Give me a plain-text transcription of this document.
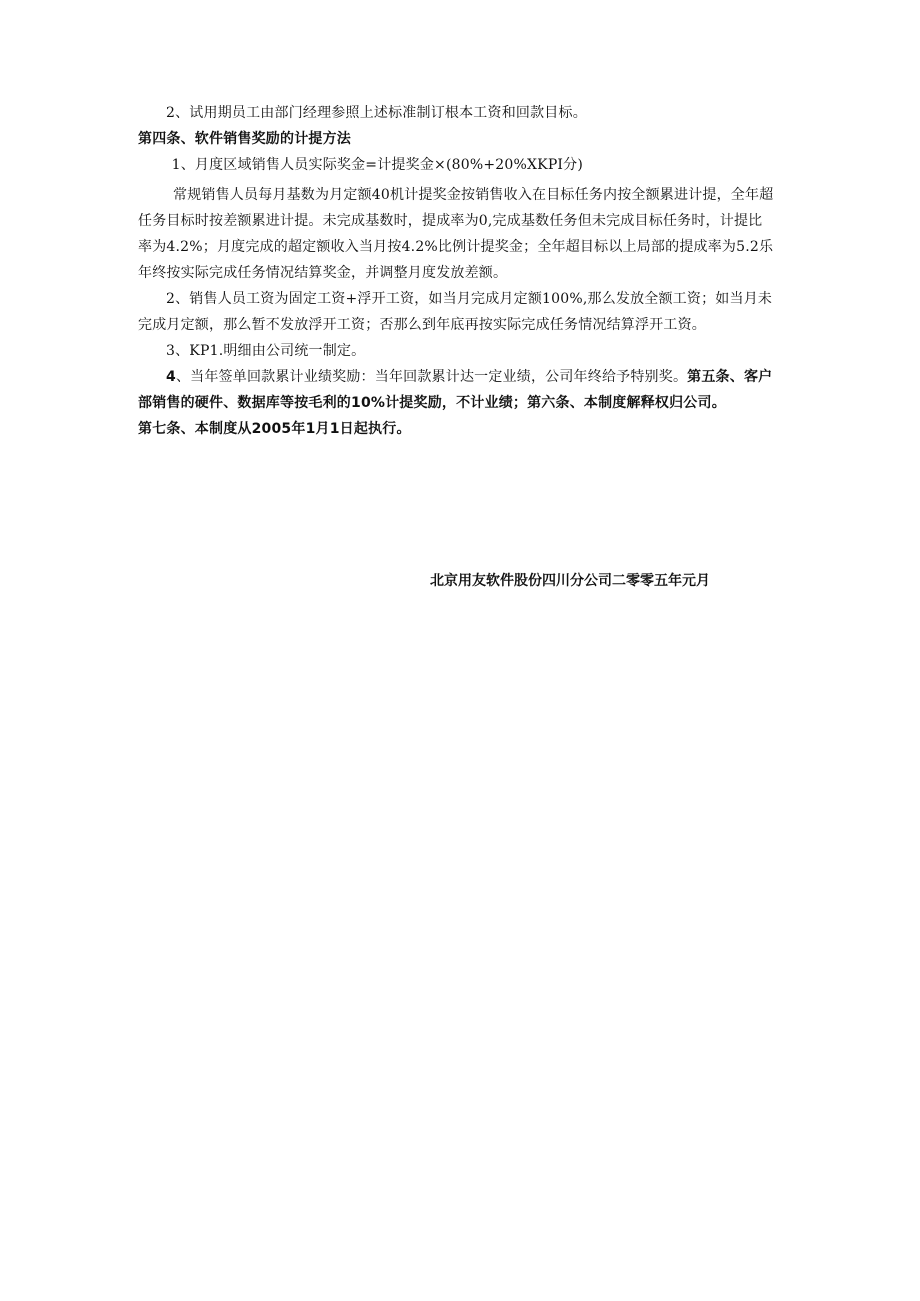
2、试用期员工由部门经理参照上述标准制订根本工资和回款目标。

第四条、软件销售奖励的计提方法

1、月度区域销售人员实际奖金=计提奖金×(80%+20%XKPI分)

常规销售人员每月基数为月定额40机计提奖金按销售收入在目标任务内按全额累进计提，全年超任务目标时按差额累进计提。未完成基数时，提成率为0,完成基数任务但未完成目标任务时，计提比率为4.2%；月度完成的超定额收入当月按4.2%比例计提奖金；全年超目标以上局部的提成率为5.2乐年终按实际完成任务情况结算奖金，并调整月度发放差额。

2、销售人员工资为固定工资+浮开工资，如当月完成月定额100%,那么发放全额工资；如当月未完成月定额，那么暂不发放浮开工资；否那么到年底再按实际完成任务情况结算浮开工资。

3、KP1.明细由公司统一制定。

4、当年签单回款累计业绩奖励：当年回款累计达一定业绩，公司年终给予特别奖。第五条、客户部销售的硬件、数据库等按毛利的10%计提奖励，不计业绩；第六条、本制度解释权归公司。

第七条、本制度从2005年1月1日起执行。

北京用友软件股份四川分公司二零零五年元月
